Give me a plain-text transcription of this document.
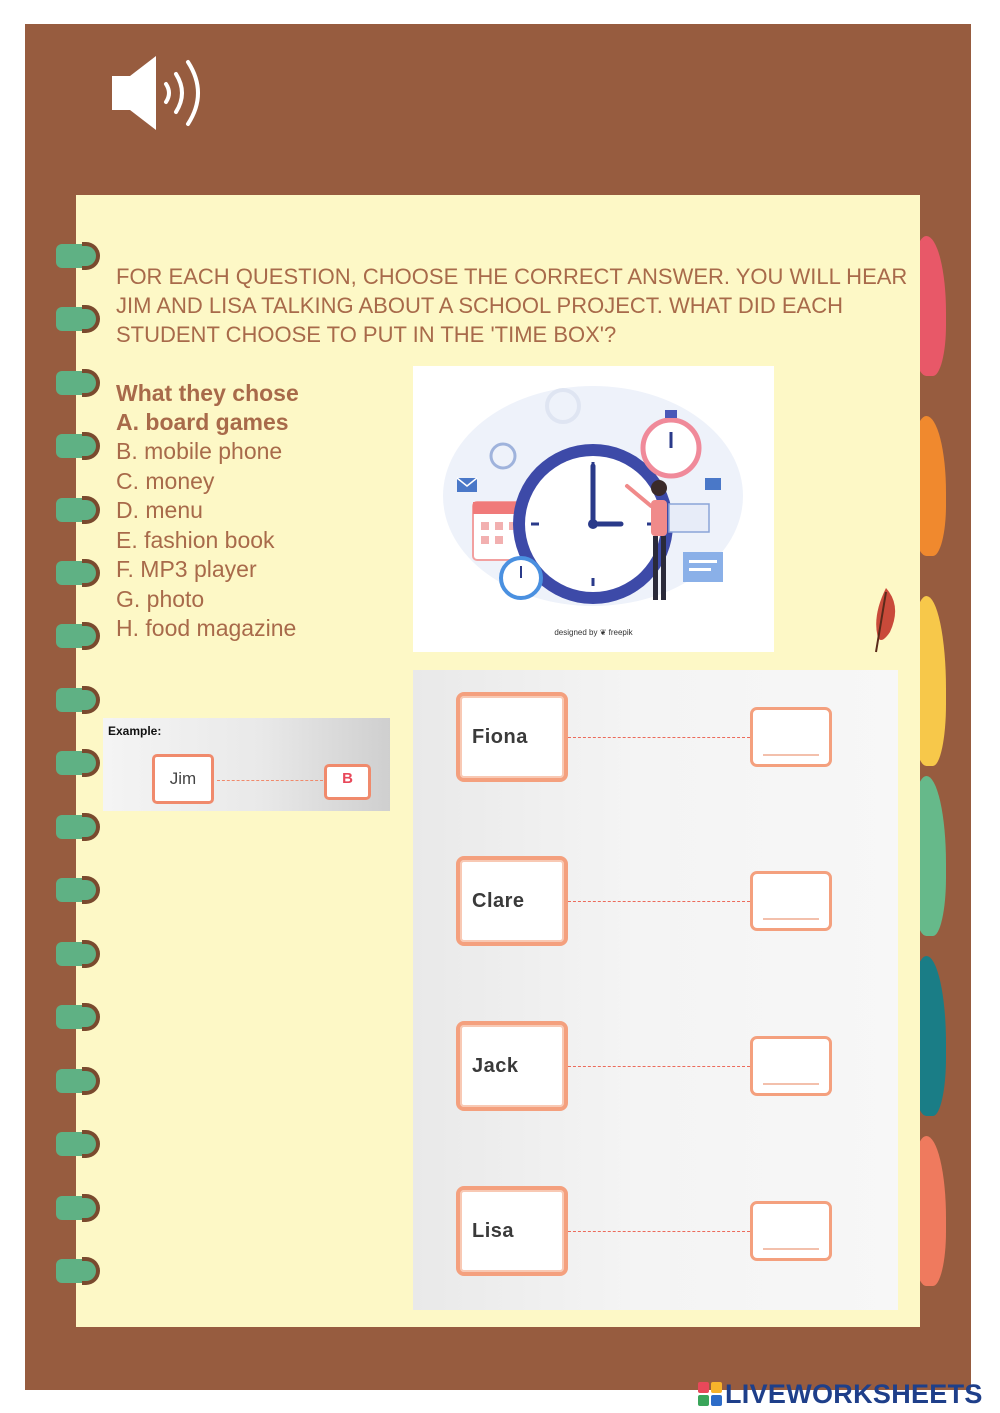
FOR EACH QUESTION, CHOOSE THE CORRECT ANSWER. YOU WILL HEAR JIM AND LISA TALKING ABOUT A SCHOOL PROJECT. WHAT DID EACH STUDENT CHOOSE TO PUT IN THE 'TIME BOX'?

What they chose
A. board games
B. mobile phone
C. money
D. menu
E. fashion book
F. MP3 player
G. photo
H. food magazine	designed by ❦ freepik
Example:
Jim	B
Fiona
Clare
Jack
Lisa
LIVEWORKSHEETS
